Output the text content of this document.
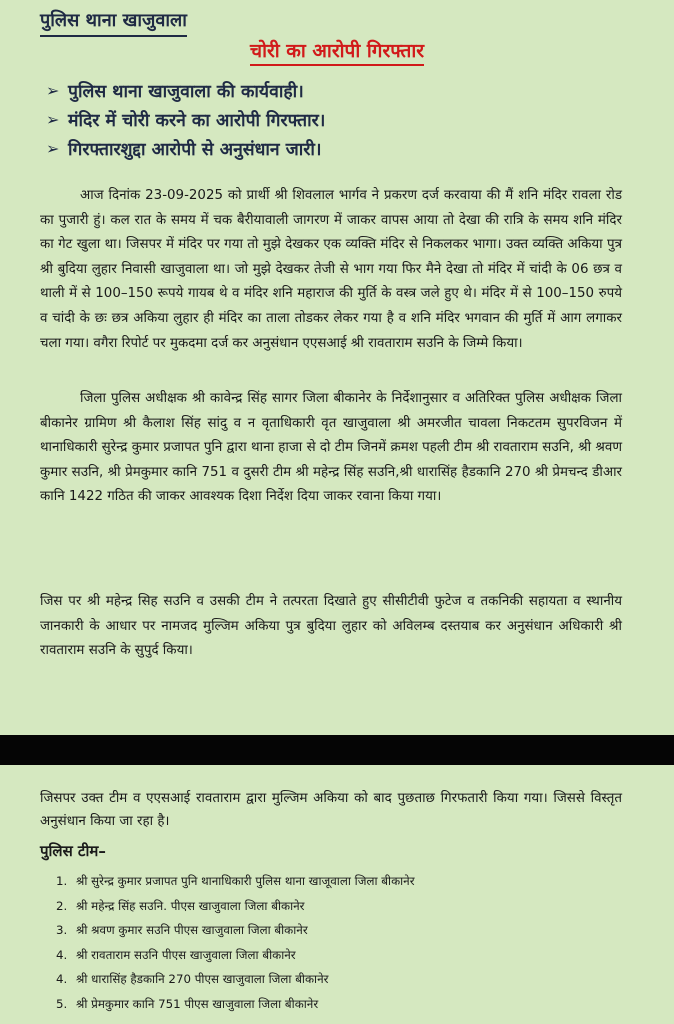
पुलिस थाना खाजुवाला
चोरी का आरोपी गिरफ्तार
➢ पुलिस थाना खाजुवाला की कार्यवाही।
➢ मंदिर में चोरी करने का आरोपी गिरफ्तार।
➢ गिरफ्तारशुद्दा आरोपी से अनुसंधान जारी।

आज दिनांक 23-09-2025 को प्रार्थी श्री शिवलाल भार्गव ने प्रकरण दर्ज करवाया की मैं शनि मंदिर रावला रोड का पुजारी हुं। कल रात के समय में चक बैरीयावाली जागरण में जाकर वापस आया तो देखा की रात्रि के समय शनि मंदिर का गेट खुला था। जिसपर में मंदिर पर गया तो मुझे देखकर एक व्यक्ति मंदिर से निकलकर भागा। उक्त व्यक्ति अकिया पुत्र श्री बुदिया लुहार निवासी खाजुवाला था। जो मुझे देखकर तेजी से भाग गया फिर मैने देखा तो मंदिर में चांदी के 06 छत्र व थाली में से 100–150 रूपये गायब थे व मंदिर शनि महाराज की मुर्ति के वस्त्र जले हुए थे। मंदिर में से 100–150 रुपये व चांदी के छः छत्र अकिया लुहार ही मंदिर का ताला तोडकर लेकर गया है व शनि मंदिर भगवान की मुर्ति में आग लगाकर चला गया। वगैरा रिपोर्ट पर मुकदमा दर्ज कर अनुसंधान एएसआई श्री रावताराम सउनि के जिम्मे किया।

जिला पुलिस अधीक्षक श्री कावेन्द्र सिंह सागर जिला बीकानेर के निर्देशानुसार व अतिरिक्त पुलिस अधीक्षक जिला बीकानेर ग्रामिण श्री कैलाश सिंह सांदु व न वृताधिकारी वृत खाजुवाला श्री अमरजीत चावला निकटतम सुपरविजन में थानाधिकारी सुरेन्द्र कुमार प्रजापत पुनि द्वारा थाना हाजा से दो टीम जिनमें क्रमश पहली टीम श्री रावताराम सउनि, श्री श्रवण कुमार सउनि, श्री प्रेमकुमार कानि 751 व दुसरी टीम श्री महेन्द्र सिंह सउनि,श्री धारासिंह हैडकानि 270 श्री प्रेमचन्द डीआर कानि 1422 गठित की जाकर आवश्यक दिशा निर्देश दिया जाकर रवाना किया गया।

जिस पर श्री महेन्द्र सिह सउनि व उसकी टीम ने तत्परता दिखाते हुए सीसीटीवी फुटेज व तकनिकी सहायता व स्थानीय जानकारी के आधार पर नामजद मुल्जिम अकिया पुत्र बुदिया लुहार को अविलम्ब दस्तयाब कर अनुसंधान अधिकारी श्री रावताराम सउनि के सुपुर्द किया।

जिसपर उक्त टीम व एएसआई रावताराम द्वारा मुल्जिम अकिया को बाद पुछताछ गिरफतारी किया गया। जिससे विस्तृत अनुसंधान किया जा रहा है।

पुलिस टीम–
1. श्री सुरेन्द्र कुमार प्रजापत पुनि थानाधिकारी पुलिस थाना खाजूवाला जिला बीकानेर
2. श्री महेन्द्र सिंह सउनि. पीएस खाजुवाला जिला बीकानेर
3. श्री श्रवण कुमार सउनि पीएस खाजुवाला जिला बीकानेर
4. श्री रावताराम सउनि पीएस खाजुवाला जिला बीकानेर
4. श्री धारासिंह हैडकानि 270 पीएस खाजुवाला जिला बीकानेर
5. श्री प्रेमकुमार कानि 751 पीएस खाजुवाला जिला बीकानेर
